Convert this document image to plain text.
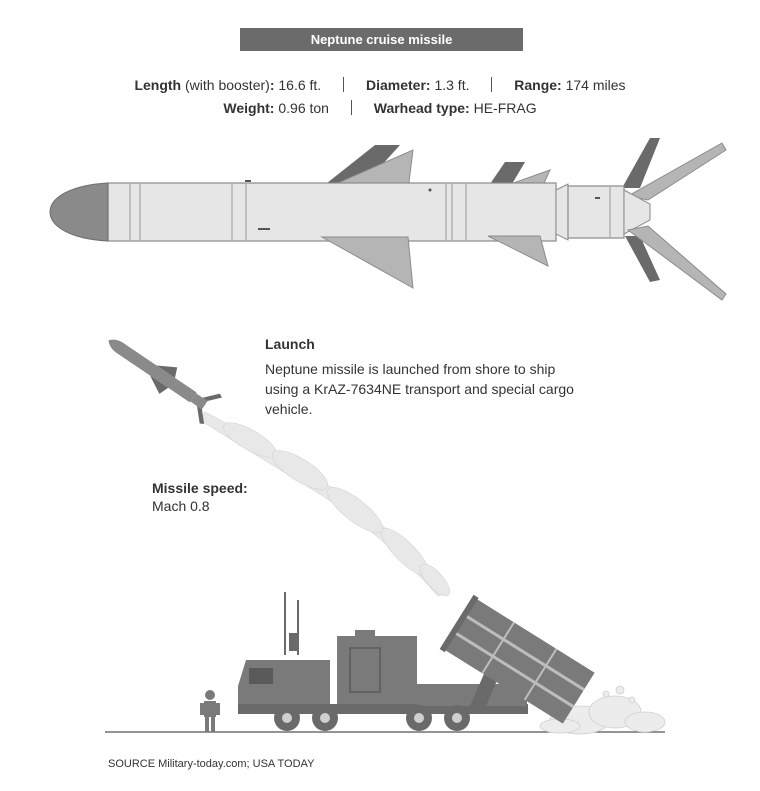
Neptune cruise missile
Length (with booster): 16.6 ft.	Diameter: 1.3 ft.	Range: 174 miles
Weight: 0.96 ton	Warhead type: HE-FRAG
Launch
Neptune missile is launched from shore to ship using a KrAZ-7634NE transport and special cargo vehicle.
Missile speed:
Mach 0.8
SOURCE Military-today.com; USA TODAY
